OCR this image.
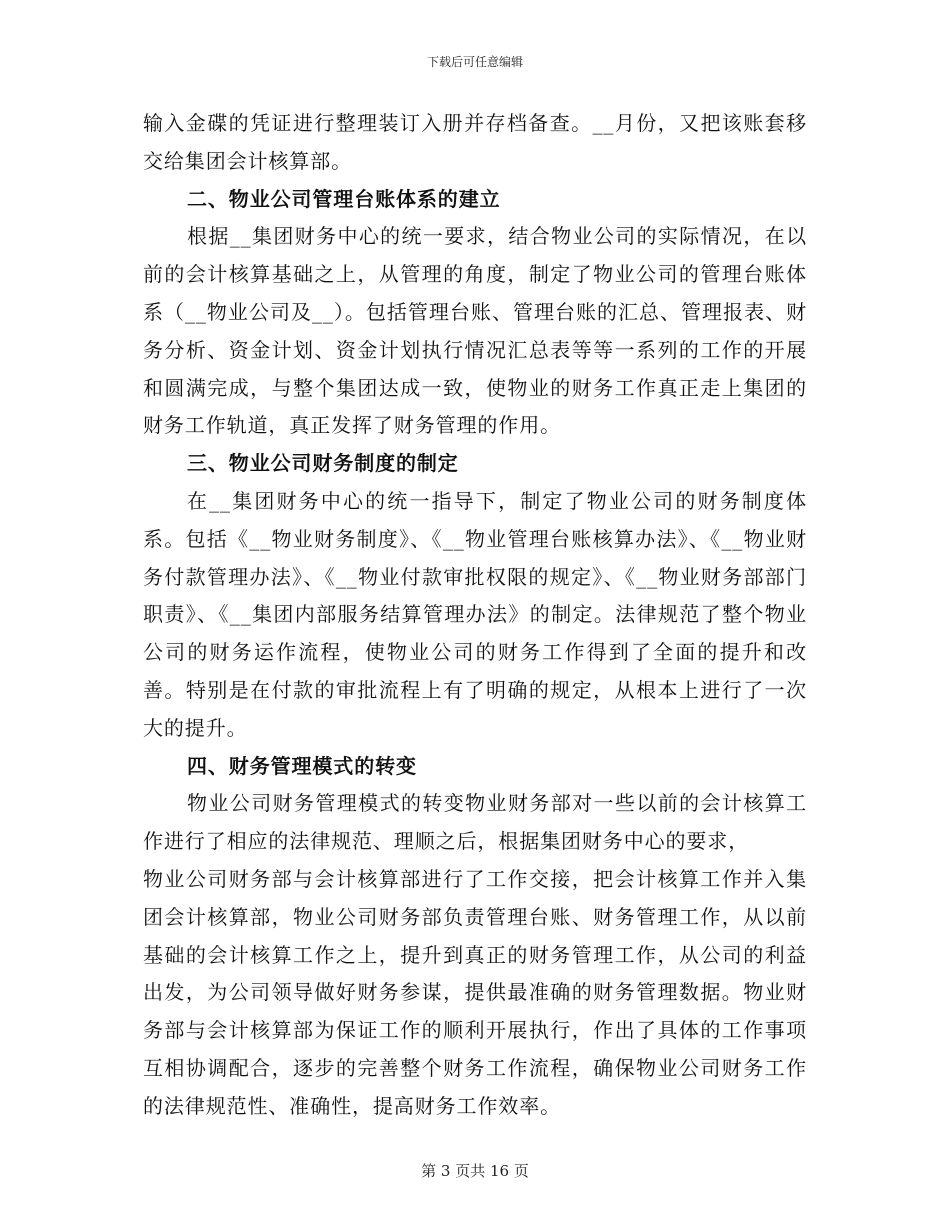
下载后可任意编辑

输入金碟的凭证进行整理装订入册并存档备查。__月份，又把该账套移交给集团会计核算部。

二、物业公司管理台账体系的建立

根据__集团财务中心的统一要求，结合物业公司的实际情况，在以前的会计核算基础之上，从管理的角度，制定了物业公司的管理台账体系（__物业公司及__）。包括管理台账、管理台账的汇总、管理报表、财务分析、资金计划、资金计划执行情况汇总表等等一系列的工作的开展和圆满完成，与整个集团达成一致，使物业的财务工作真正走上集团的财务工作轨道，真正发挥了财务管理的作用。

三、物业公司财务制度的制定

在__集团财务中心的统一指导下，制定了物业公司的财务制度体系。包括《__物业财务制度》、《__物业管理台账核算办法》、《__物业财务付款管理办法》、《__物业付款审批权限的规定》、《__物业财务部部门职责》、《__集团内部服务结算管理办法》的制定。法律规范了整个物业公司的财务运作流程，使物业公司的财务工作得到了全面的提升和改善。特别是在付款的审批流程上有了明确的规定，从根本上进行了一次大的提升。

四、财务管理模式的转变

物业公司财务管理模式的转变物业财务部对一些以前的会计核算工作进行了相应的法律规范、理顺之后，根据集团财务中心的要求，

物业公司财务部与会计核算部进行了工作交接，把会计核算工作并入集团会计核算部，物业公司财务部负责管理台账、财务管理工作，从以前基础的会计核算工作之上，提升到真正的财务管理工作，从公司的利益出发，为公司领导做好财务参谋，提供最准确的财务管理数据。物业财务部与会计核算部为保证工作的顺利开展执行，作出了具体的工作事项互相协调配合，逐步的完善整个财务工作流程，确保物业公司财务工作的法律规范性、准确性，提高财务工作效率。

第 3 页共 16 页
